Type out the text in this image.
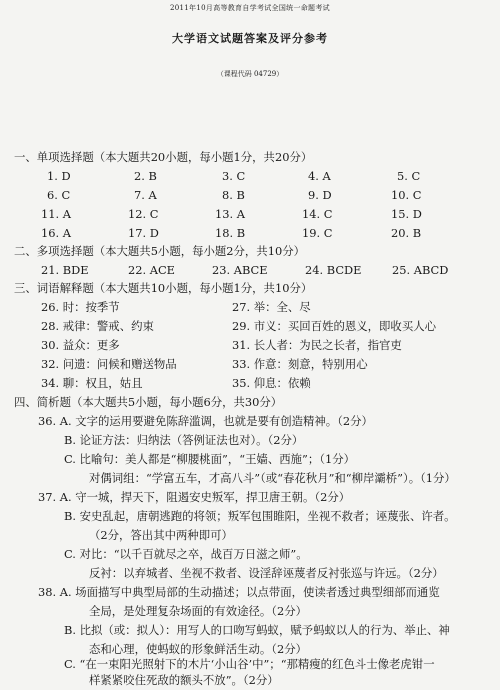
2011年10月高等教育自学考试全国统一命题考试
大学语文试题答案及评分参考
（课程代码 04729）
一、单项选择题（本大题共20小题，每小题1分，共20分）
1. D	2. B	3. C	4. A	5. C
6. C	7. A	8. B	9. D	10. C
11. A	12. C	13. A	14. C	15. D
16. A	17. D	18. B	19. C	20. B
二、多项选择题（本大题共5小题，每小题2分，共10分）
21. BDE	22. ACE	23. ABCE	24. BCDE	25. ABCD
三、词语解释题（本大题共10小题，每小题1分，共10分）
26. 时：按季节	27. 举：全、尽
28. 戒律：警戒、约束	29. 市义：买回百姓的恩义，即收买人心
30. 益众：更多	31. 长人者：为民之长者，指官吏
32. 问遗：问候和赠送物品	33. 作意：刻意，特别用心
34. 聊：权且，姑且	35. 仰息：依赖
四、简析题（本大题共5小题，每小题6分，共30分）
36. A. 文字的运用要避免陈辞滥调，也就是要有创造精神。（2分）
B. 论证方法：归纳法（答例证法也对）。（2分）
C. 比喻句：美人都是“柳腰桃面”，“王嫱、西施”；（1分）
对偶词组：“学富五车，才高八斗”（或“春花秋月”和“柳岸灞桥”）。（1分）
37. A. 守一城，捍天下，阻遏安史叛军，捍卫唐王朝。（2分）
B. 安史乱起，唐朝逃跑的将领；叛军包围睢阳，坐视不救者；诬蔑张、许者。
（2分，答出其中两种即可）
C. 对比：“以千百就尽之卒，战百万日滋之师”。
反衬：以弃城者、坐视不救者、设淫辞诬蔑者反衬张巡与许远。（2分）
38. A. 场面描写中典型局部的生动描述；以点带面，使读者透过典型细部而通览
全局，是处理复杂场面的有效途径。（2分）
B. 比拟（或：拟人）：用写人的口吻写蚂蚁，赋予蚂蚁以人的行为、举止、神
态和心理，使蚂蚁的形象鲜活生动。（2分）
C. “在一束阳光照射下的木片‘小山谷’中”；“那精瘦的红色斗士像老虎钳一
样紧紧咬住死敌的额头不放”。（2分）
